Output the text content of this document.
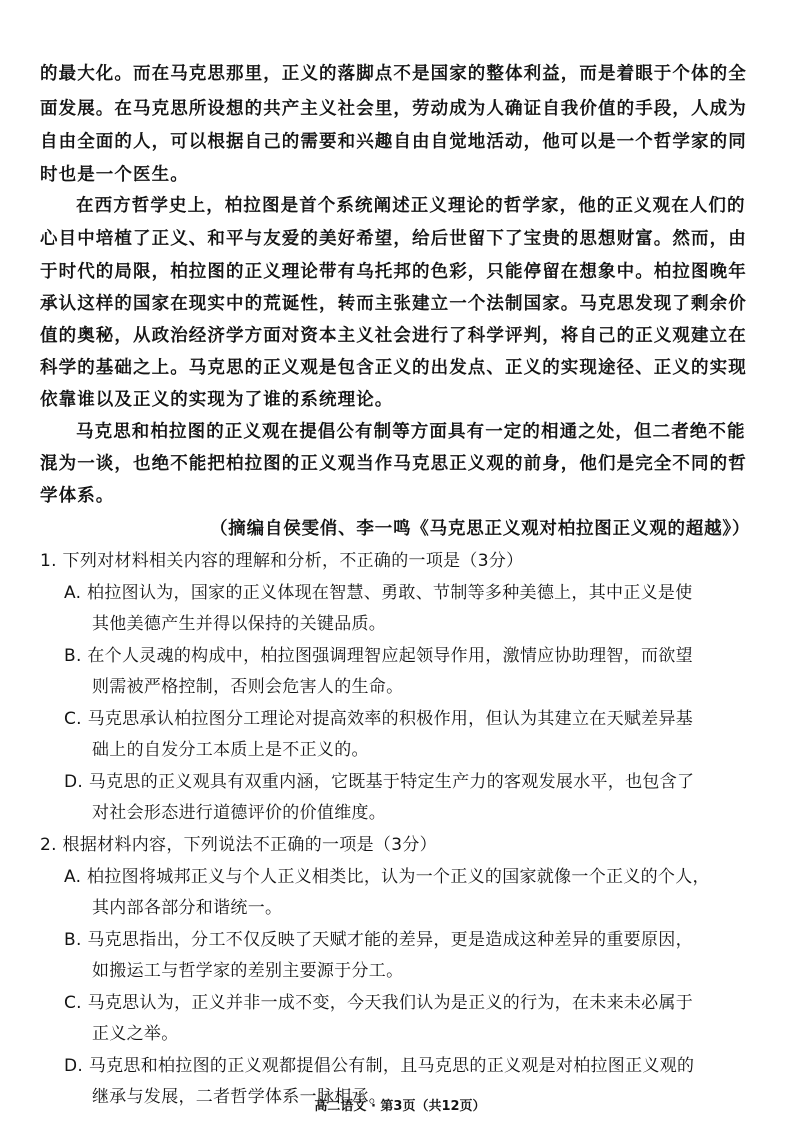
的最大化。而在马克思那里，正义的落脚点不是国家的整体利益，而是着眼于个体的全
面发展。在马克思所设想的共产主义社会里，劳动成为人确证自我价值的手段，人成为
自由全面的人，可以根据自己的需要和兴趣自由自觉地活动，他可以是一个哲学家的同
时也是一个医生。
在西方哲学史上，柏拉图是首个系统阐述正义理论的哲学家，他的正义观在人们的
心目中培植了正义、和平与友爱的美好希望，给后世留下了宝贵的思想财富。然而，由
于时代的局限，柏拉图的正义理论带有乌托邦的色彩，只能停留在想象中。柏拉图晚年
承认这样的国家在现实中的荒诞性，转而主张建立一个法制国家。马克思发现了剩余价
值的奥秘，从政治经济学方面对资本主义社会进行了科学评判，将自己的正义观建立在
科学的基础之上。马克思的正义观是包含正义的出发点、正义的实现途径、正义的实现
依靠谁以及正义的实现为了谁的系统理论。
马克思和柏拉图的正义观在提倡公有制等方面具有一定的相通之处，但二者绝不能
混为一谈，也绝不能把柏拉图的正义观当作马克思正义观的前身，他们是完全不同的哲
学体系。
（摘编自侯雯俏、李一鸣《马克思正义观对柏拉图正义观的超越》）
1. 下列对材料相关内容的理解和分析，不正确的一项是（3分）
A. 柏拉图认为，国家的正义体现在智慧、勇敢、节制等多种美德上，其中正义是使
其他美德产生并得以保持的关键品质。
B. 在个人灵魂的构成中，柏拉图强调理智应起领导作用，激情应协助理智，而欲望
则需被严格控制，否则会危害人的生命。
C. 马克思承认柏拉图分工理论对提高效率的积极作用，但认为其建立在天赋差异基
础上的自发分工本质上是不正义的。
D. 马克思的正义观具有双重内涵，它既基于特定生产力的客观发展水平，也包含了
对社会形态进行道德评价的价值维度。
2. 根据材料内容，下列说法不正确的一项是（3分）
A. 柏拉图将城邦正义与个人正义相类比，认为一个正义的国家就像一个正义的个人，
其内部各部分和谐统一。
B. 马克思指出，分工不仅反映了天赋才能的差异，更是造成这种差异的重要原因，
如搬运工与哲学家的差别主要源于分工。
C. 马克思认为，正义并非一成不变，今天我们认为是正义的行为，在未来未必属于
正义之举。
D. 马克思和柏拉图的正义观都提倡公有制，且马克思的正义观是对柏拉图正义观的
继承与发展，二者哲学体系一脉相承。
高二语文 · 第3页（共12页）
